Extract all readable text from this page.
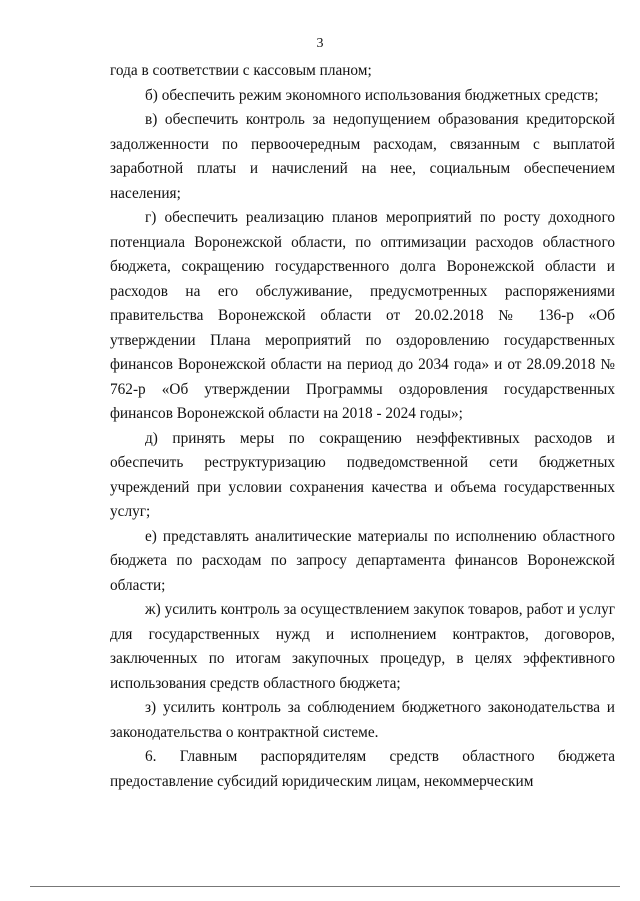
3

года в соответствии с кассовым планом;

б) обеспечить режим экономного использования бюджетных средств;

в) обеспечить контроль за недопущением образования кредиторской задолженности по первоочередным расходам, связанным с выплатой заработной платы и начислений на нее, социальным обеспечением населения;

г) обеспечить реализацию планов мероприятий по росту доходного потенциала Воронежской области, по оптимизации расходов областного бюджета, сокращению государственного долга Воронежской области и расходов на его обслуживание, предусмотренных распоряжениями правительства Воронежской области от 20.02.2018 № 136-р «Об утверждении Плана мероприятий по оздоровлению государственных финансов Воронежской области на период до 2034 года» и от 28.09.2018 № 762-р «Об утверждении Программы оздоровления государственных финансов Воронежской области на 2018 - 2024 годы»;

д) принять меры по сокращению неэффективных расходов и обеспечить реструктуризацию подведомственной сети бюджетных учреждений при условии сохранения качества и объема государственных услуг;

е) представлять аналитические материалы по исполнению областного бюджета по расходам по запросу департамента финансов Воронежской области;

ж) усилить контроль за осуществлением закупок товаров, работ и услуг для государственных нужд и исполнением контрактов, договоров, заключенных по итогам закупочных процедур, в целях эффективного использования средств областного бюджета;

з) усилить контроль за соблюдением бюджетного законодательства и законодательства о контрактной системе.

6. Главным распорядителям средств областного бюджета предоставление субсидий юридическим лицам, некоммерческим
